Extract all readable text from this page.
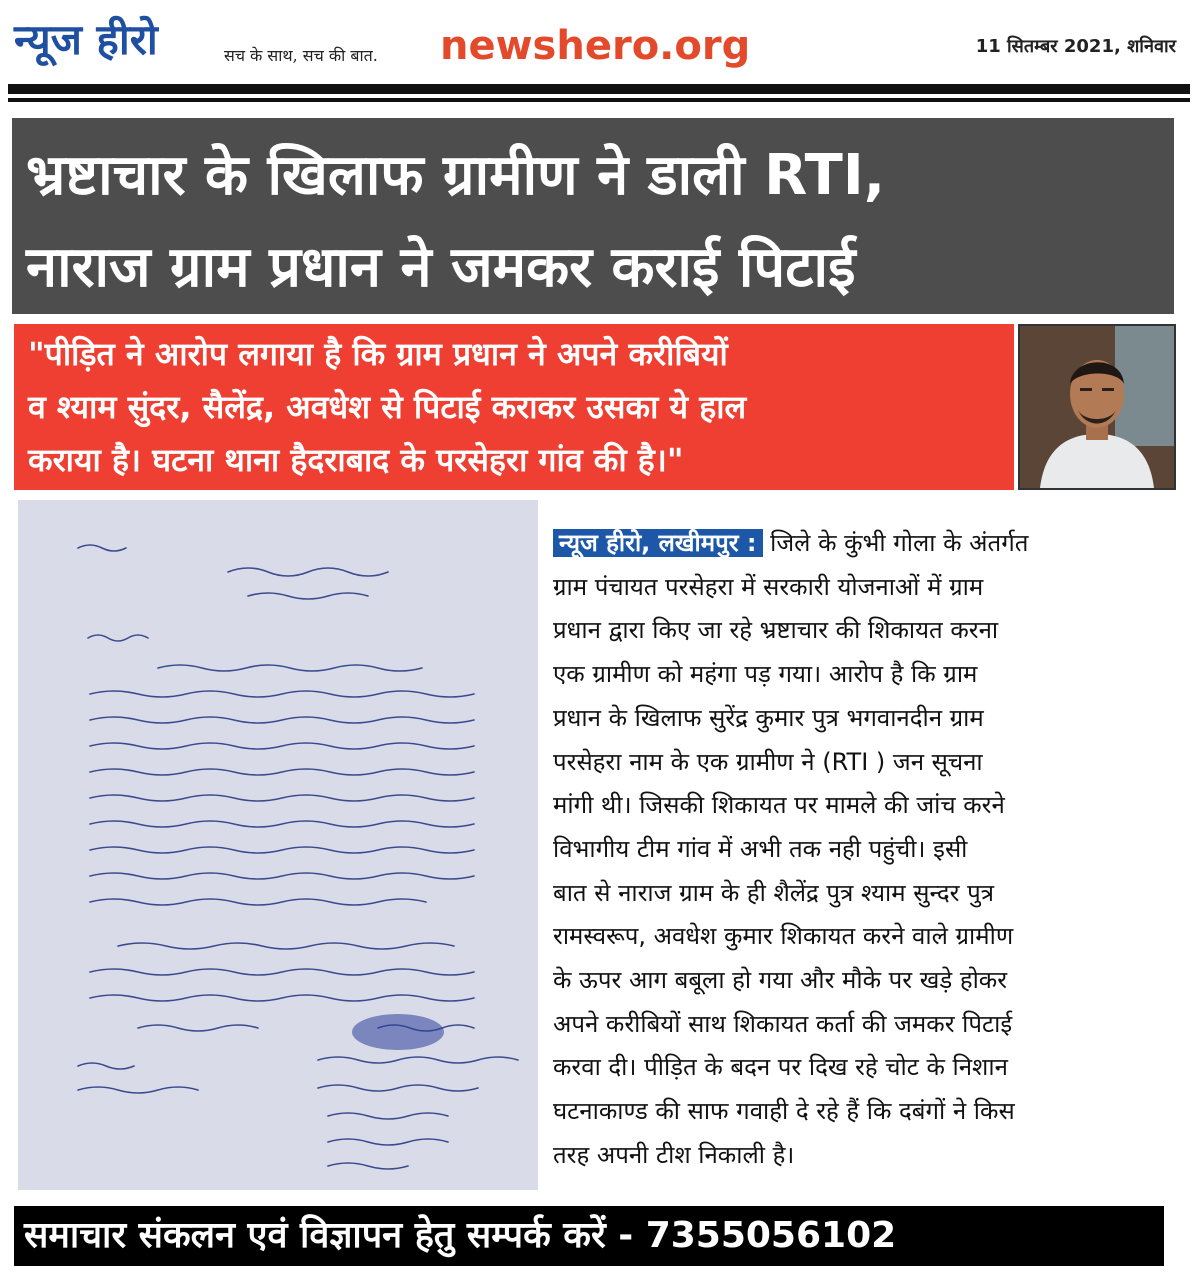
न्यूज हीरो	सच के साथ, सच की बात. newshero.org	11 सितम्बर 2021, शनिवार
भ्रष्टाचार के खिलाफ ग्रामीण ने डाली RTI,
नाराज ग्राम प्रधान ने जमकर कराई पिटाई
"पीड़ित ने आरोप लगाया है कि ग्राम प्रधान ने अपने करीबियों
व श्याम सुंदर, सैलेंद्र, अवधेश से पिटाई कराकर उसका ये हाल
कराया है। घटना थाना हैदराबाद के परसेहरा गांव की है।"
न्यूज हीरो, लखीमपुर : जिले के कुंभी गोला के अंतर्गत
ग्राम पंचायत परसेहरा में सरकारी योजनाओं में ग्राम
प्रधान द्वारा किए जा रहे भ्रष्टाचार की शिकायत करना
एक ग्रामीण को महंगा पड़ गया। आरोप है कि ग्राम
प्रधान के खिलाफ सुरेंद्र कुमार पुत्र भगवानदीन ग्राम
परसेहरा नाम के एक ग्रामीण ने (RTI ) जन सूचना
मांगी थी। जिसकी शिकायत पर मामले की जांच करने
विभागीय टीम गांव में अभी तक नही पहुंची। इसी
बात से नाराज ग्राम के ही शैलेंद्र पुत्र श्याम सुन्दर पुत्र
रामस्वरूप, अवधेश कुमार शिकायत करने वाले ग्रामीण
के ऊपर आग बबूला हो गया और मौके पर खड़े होकर
अपने करीबियों साथ शिकायत कर्ता की जमकर पिटाई
करवा दी। पीड़ित के बदन पर दिख रहे चोट के निशान
घटनाकाण्ड की साफ गवाही दे रहे हैं कि दबंगों ने किस
तरह अपनी टीश निकाली है।
समाचार संकलन एवं विज्ञापन हेतु सम्पर्क करें - 7355056102
